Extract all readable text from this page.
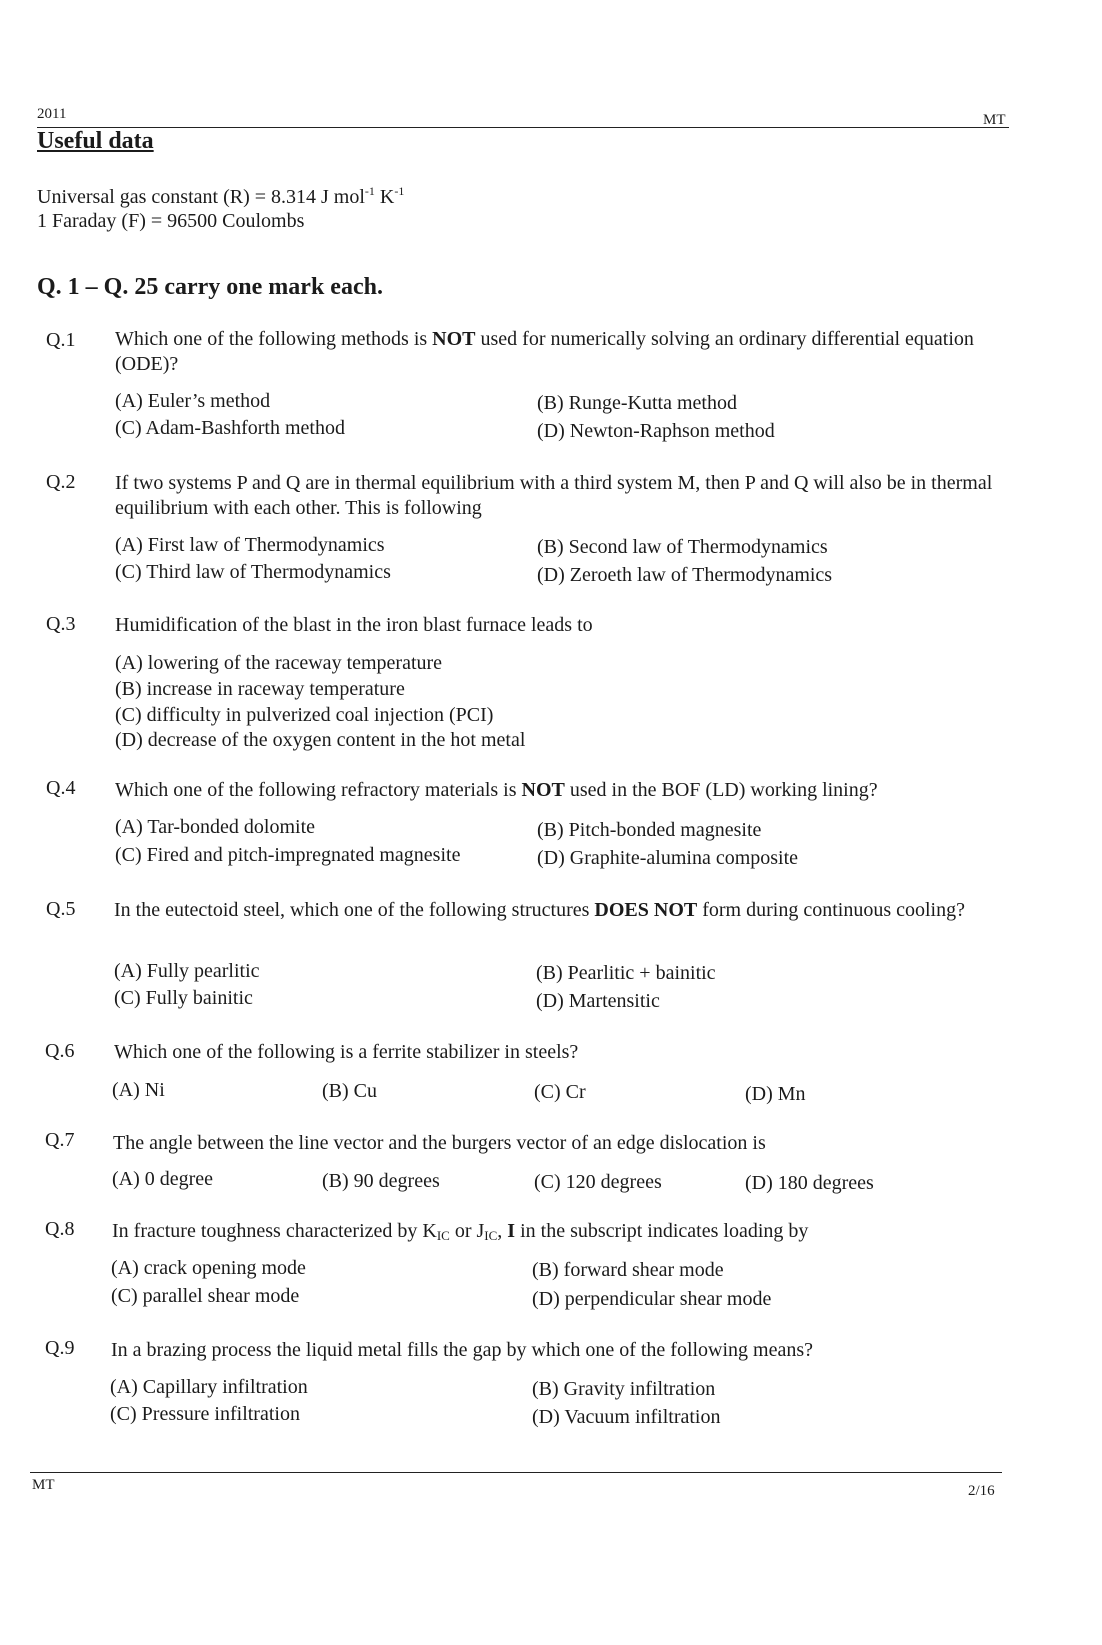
2011	MT
Useful data
Universal gas constant (R) = 8.314 J mol$^{-1}$ $K^{-1}$
1 Faraday (F) = 96500 Coulombs
Q. 1 – Q. 25 carry one mark each.
Q.1 Which one of the following methods is NOT used for numerically solving an ordinary differential equation (ODE)?
(A) Euler’s method	(B) Runge-Kutta method
(C) Adam-Bashforth method	(D) Newton-Raphson method
Q.2 If two systems P and Q are in thermal equilibrium with a third system M, then P and Q will also be in thermal equilibrium with each other. This is following
(A) First law of Thermodynamics	(B) Second law of Thermodynamics
(C) Third law of Thermodynamics	(D) Zeroeth law of Thermodynamics
Q.3 Humidification of the blast in the iron blast furnace leads to
(A) lowering of the raceway temperature
(B) increase in raceway temperature
(C) difficulty in pulverized coal injection (PCI)
(D) decrease of the oxygen content in the hot metal
Q.4 Which one of the following refractory materials is NOT used in the BOF (LD) working lining?
(A) Tar-bonded dolomite	(B) Pitch-bonded magnesite
(C) Fired and pitch-impregnated magnesite	(D) Graphite-alumina composite
Q.5 In the eutectoid steel, which one of the following structures DOES NOT form during continuous cooling?
(A) Fully pearlitic	(B) Pearlitic + bainitic
(C) Fully bainitic	(D) Martensitic
Q.6 Which one of the following is a ferrite stabilizer in steels?
(A) Ni	(B) Cu	(C) Cr	(D) Mn
Q.7 The angle between the line vector and the burgers vector of an edge dislocation is
(A) 0 degree	(B) 90 degrees	(C) 120 degrees	(D) 180 degrees
Q.8 In fracture toughness characterized by $K_{IC}$ or $J_{IC}$, I in the subscript indicates loading by
(A) crack opening mode	(B) forward shear mode
(C) parallel shear mode	(D) perpendicular shear mode
Q.9 In a brazing process the liquid metal fills the gap by which one of the following means?
(A) Capillary infiltration	(B) Gravity infiltration
(C) Pressure infiltration	(D) Vacuum infiltration
MT	2/16
